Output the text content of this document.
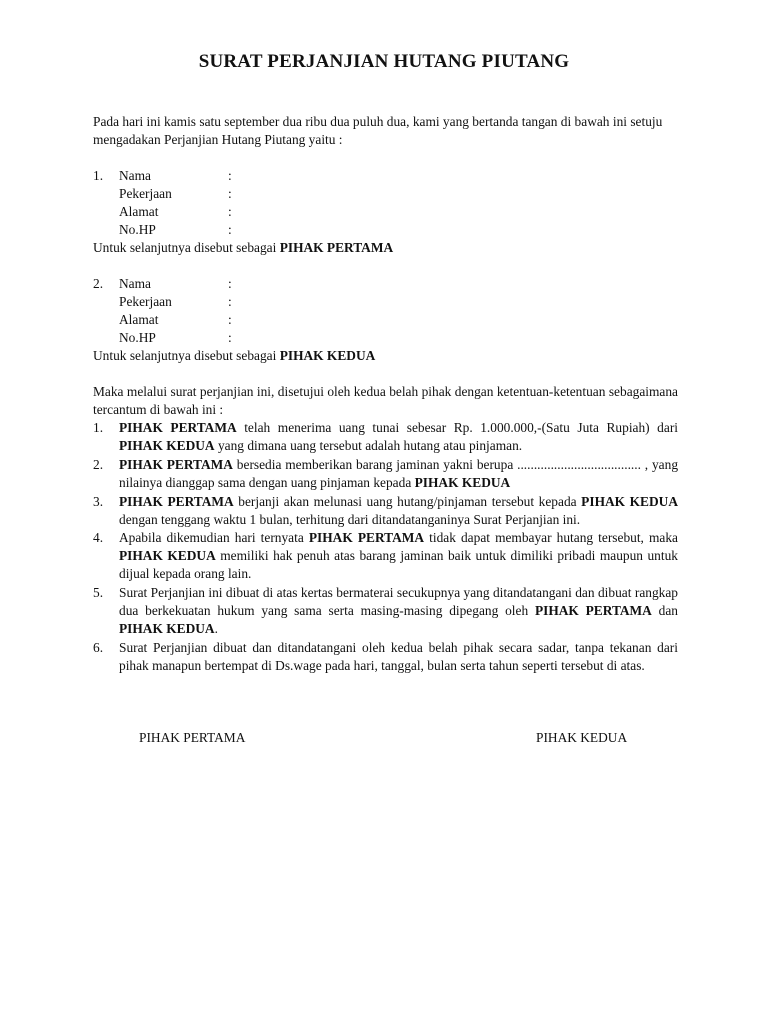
SURAT PERJANJIAN HUTANG PIUTANG
Pada hari ini kamis satu september dua ribu dua puluh dua, kami yang bertanda tangan di bawah ini setuju mengadakan Perjanjian Hutang Piutang yaitu :
1. Nama	:
Pekerjaan	:
Alamat	:
No.HP	:
Untuk selanjutnya disebut sebagai PIHAK PERTAMA
2. Nama	:
Pekerjaan	:
Alamat	:
No.HP	:
Untuk selanjutnya disebut sebagai PIHAK KEDUA
Maka melalui surat perjanjian ini, disetujui oleh kedua belah pihak dengan ketentuan-ketentuan sebagaimana tercantum di bawah ini :
1. PIHAK PERTAMA telah menerima uang tunai sebesar Rp. 1.000.000,-(Satu Juta Rupiah) dari PIHAK KEDUA yang dimana uang tersebut adalah hutang atau pinjaman.
2. PIHAK PERTAMA bersedia memberikan barang jaminan yakni berupa ..................................... , yang nilainya dianggap sama dengan uang pinjaman kepada PIHAK KEDUA
3. PIHAK PERTAMA berjanji akan melunasi uang hutang/pinjaman tersebut kepada PIHAK KEDUA dengan tenggang waktu 1 bulan, terhitung dari ditandatanganinya Surat Perjanjian ini.
4. Apabila dikemudian hari ternyata PIHAK PERTAMA tidak dapat membayar hutang tersebut, maka PIHAK KEDUA memiliki hak penuh atas barang jaminan baik untuk dimiliki pribadi maupun untuk dijual kepada orang lain.
5. Surat Perjanjian ini dibuat di atas kertas bermaterai secukupnya yang ditandatangani dan dibuat rangkap dua berkekuatan hukum yang sama serta masing-masing dipegang oleh PIHAK PERTAMA dan PIHAK KEDUA.
6. Surat Perjanjian dibuat dan ditandatangani oleh kedua belah pihak secara sadar, tanpa tekanan dari pihak manapun bertempat di Ds.wage pada hari, tanggal, bulan serta tahun seperti tersebut di atas.
PIHAK PERTAMA	PIHAK KEDUA
